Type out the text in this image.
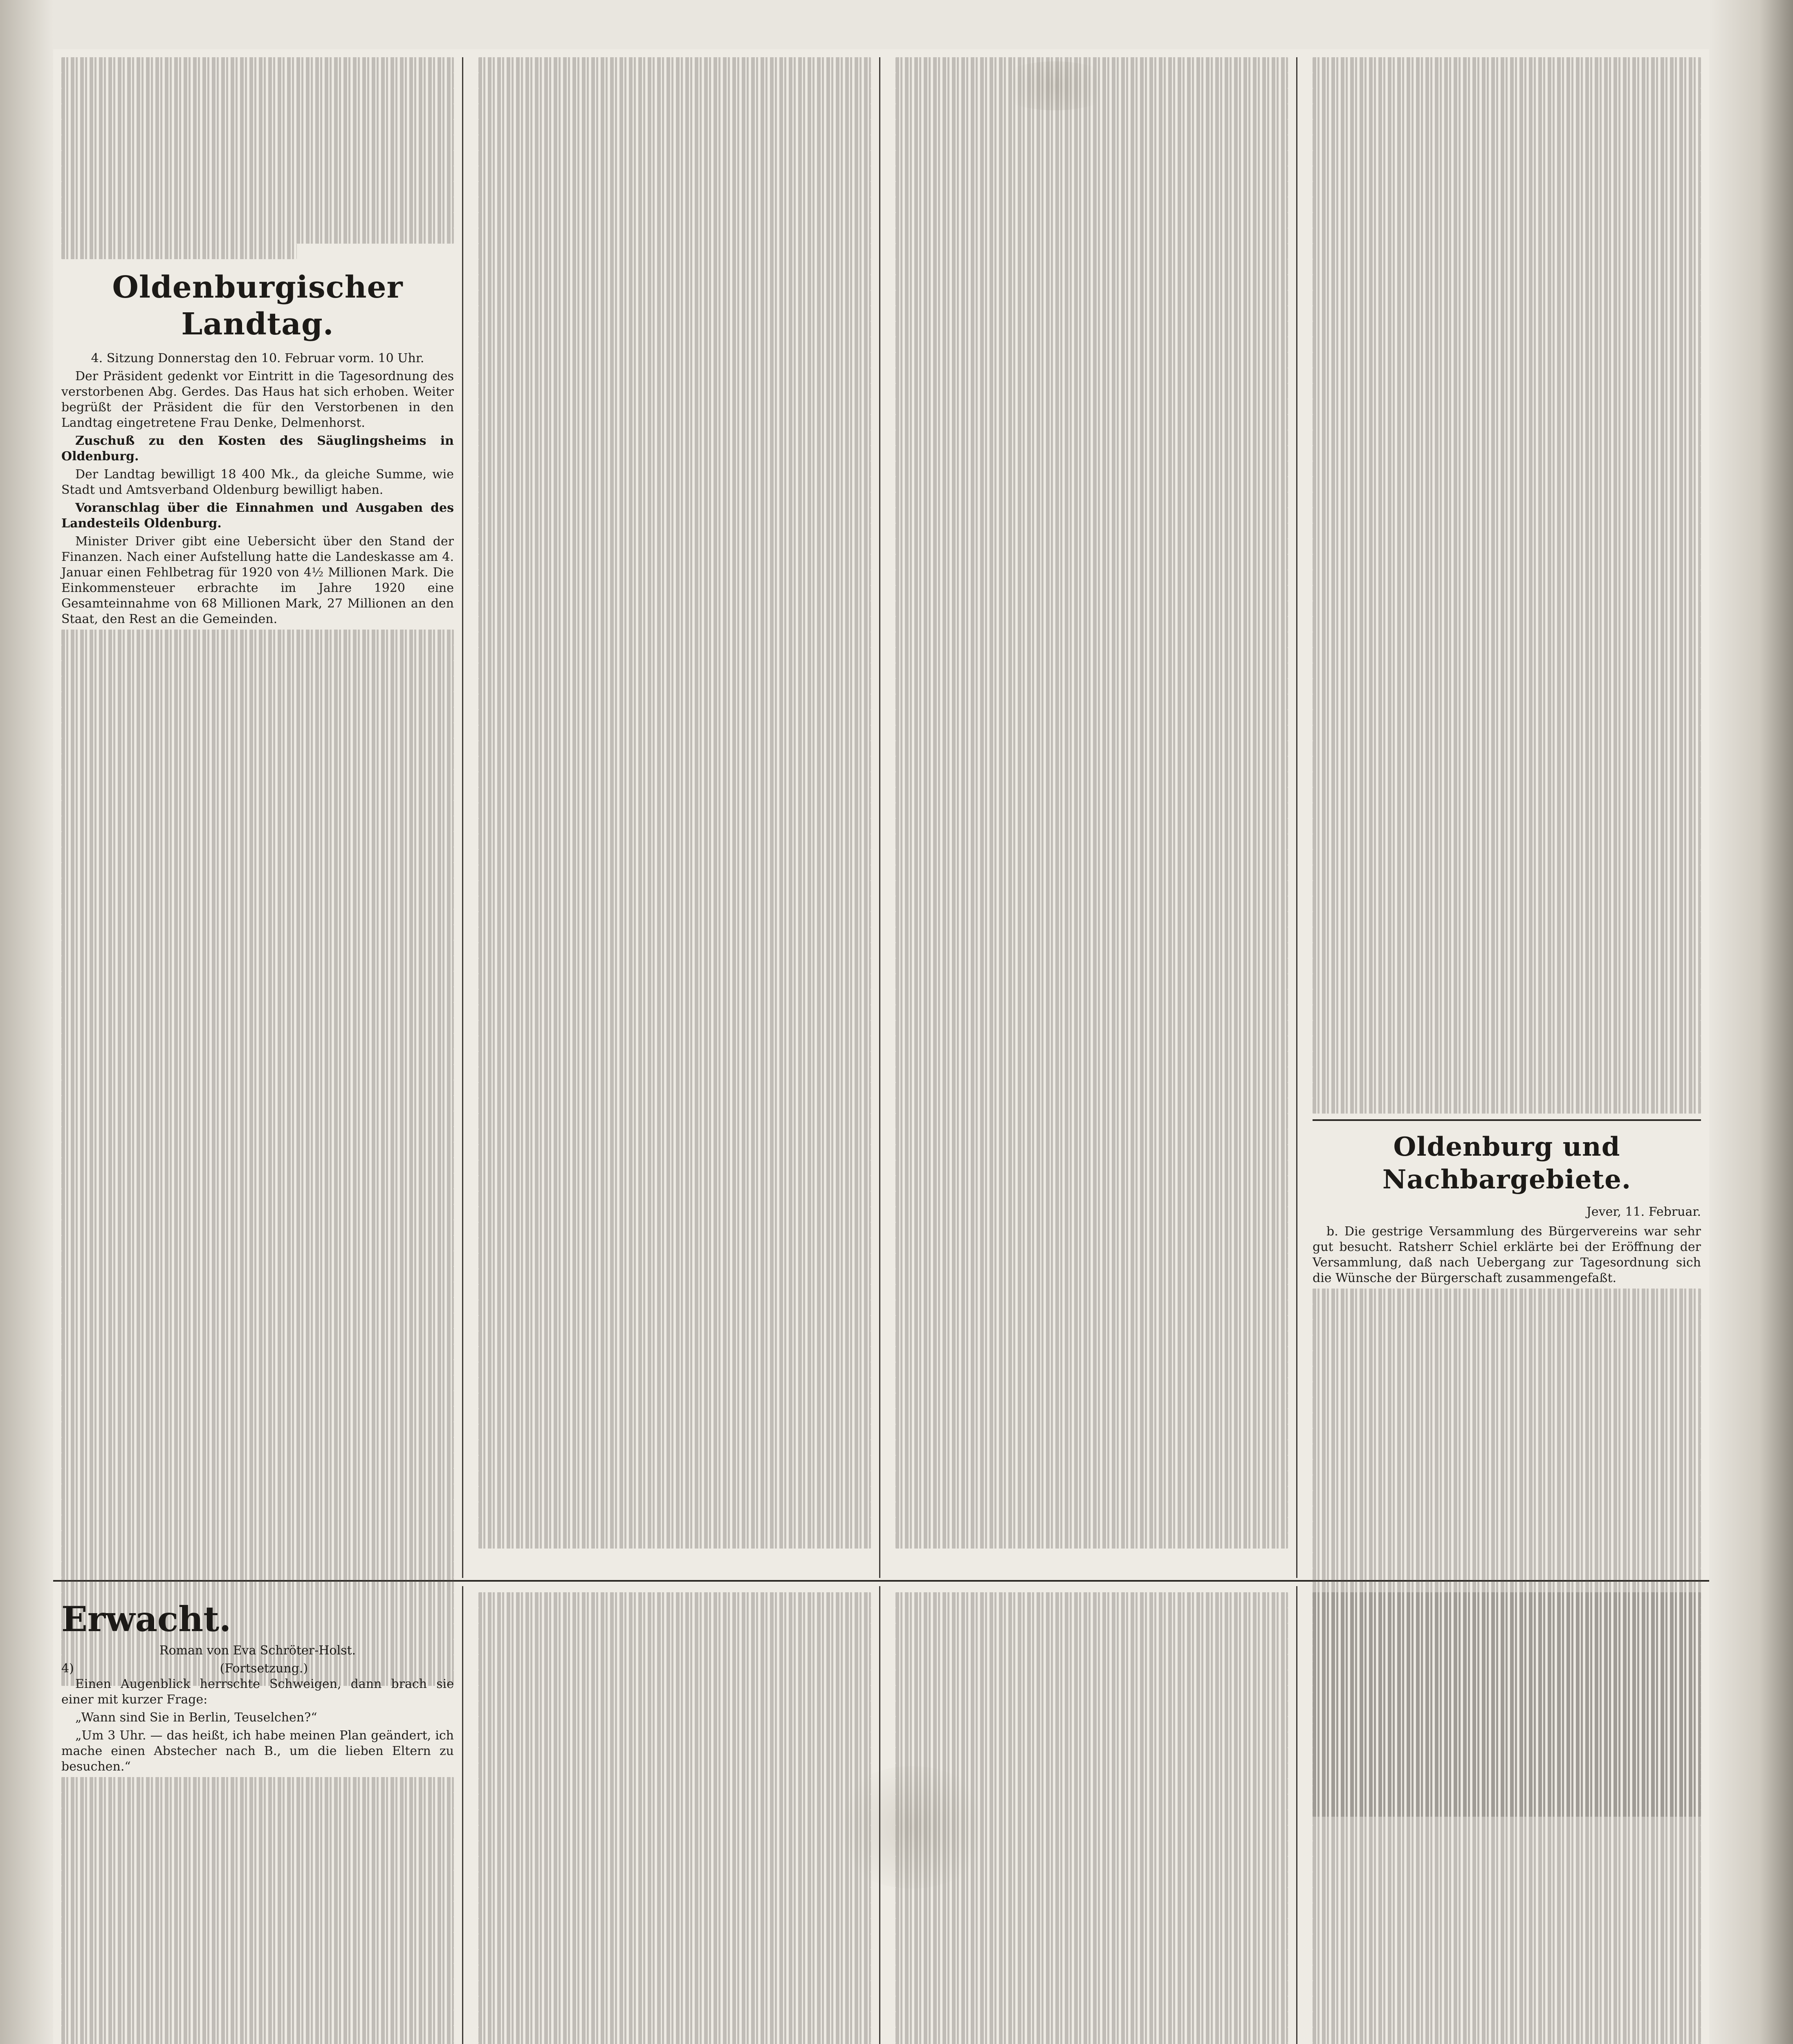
Oldenburgischer Landtag.
4. Sitzung Donnerstag den 10. Februar vorm. 10 Uhr.

Der Präsident gedenkt vor Eintritt in die Tagesordnung des verstorbenen Abg. Gerdes. Das Haus hat sich erhoben. Weiter begrüßt der Präsident die für den Verstorbenen in den Landtag eingetretene Frau Denke, Delmenhorst.

Zuschuß zu den Kosten des Säuglingsheims in Oldenburg.

Der Landtag bewilligt 18 400 Mk., da gleiche Summe, wie Stadt und Amtsverband Oldenburg bewilligt haben.

Voranschlag über die Einnahmen und Ausgaben des Landesteils Oldenburg.

Minister Driver gibt eine Uebersicht über den Stand der Finanzen. Nach einer Aufstellung hatte die Landeskasse am 4. Januar einen Fehlbetrag für 1920 von 4½ Millionen Mark. Die Einkommensteuer erbrachte im Jahre 1920 eine Gesamteinnahme von 68 Millionen Mark, 27 Millionen an den Staat, den Rest an die Gemeinden.

Oldenburg und Nachbargebiete.
Jever, 11. Februar.

b. Die gestrige Versammlung des Bürgervereins war sehr gut besucht. Ratsherr Schiel erklärte bei der Eröffnung der Versammlung, daß nach Uebergang zur Tagesordnung sich die Wünsche der Bürgerschaft zusammengefaßt.

Erwacht.
Roman von Eva Schröter-Holst.
4)	(Fortsetzung.)

Einen Augenblick herrschte Schweigen, dann brach sie einer mit kurzer Frage:

„Wann sind Sie in Berlin, Teuselchen?“

„Um 3 Uhr. — das heißt, ich habe meinen Plan geändert, ich mache einen Abstecher nach B., um die lieben Eltern zu besuchen.“
